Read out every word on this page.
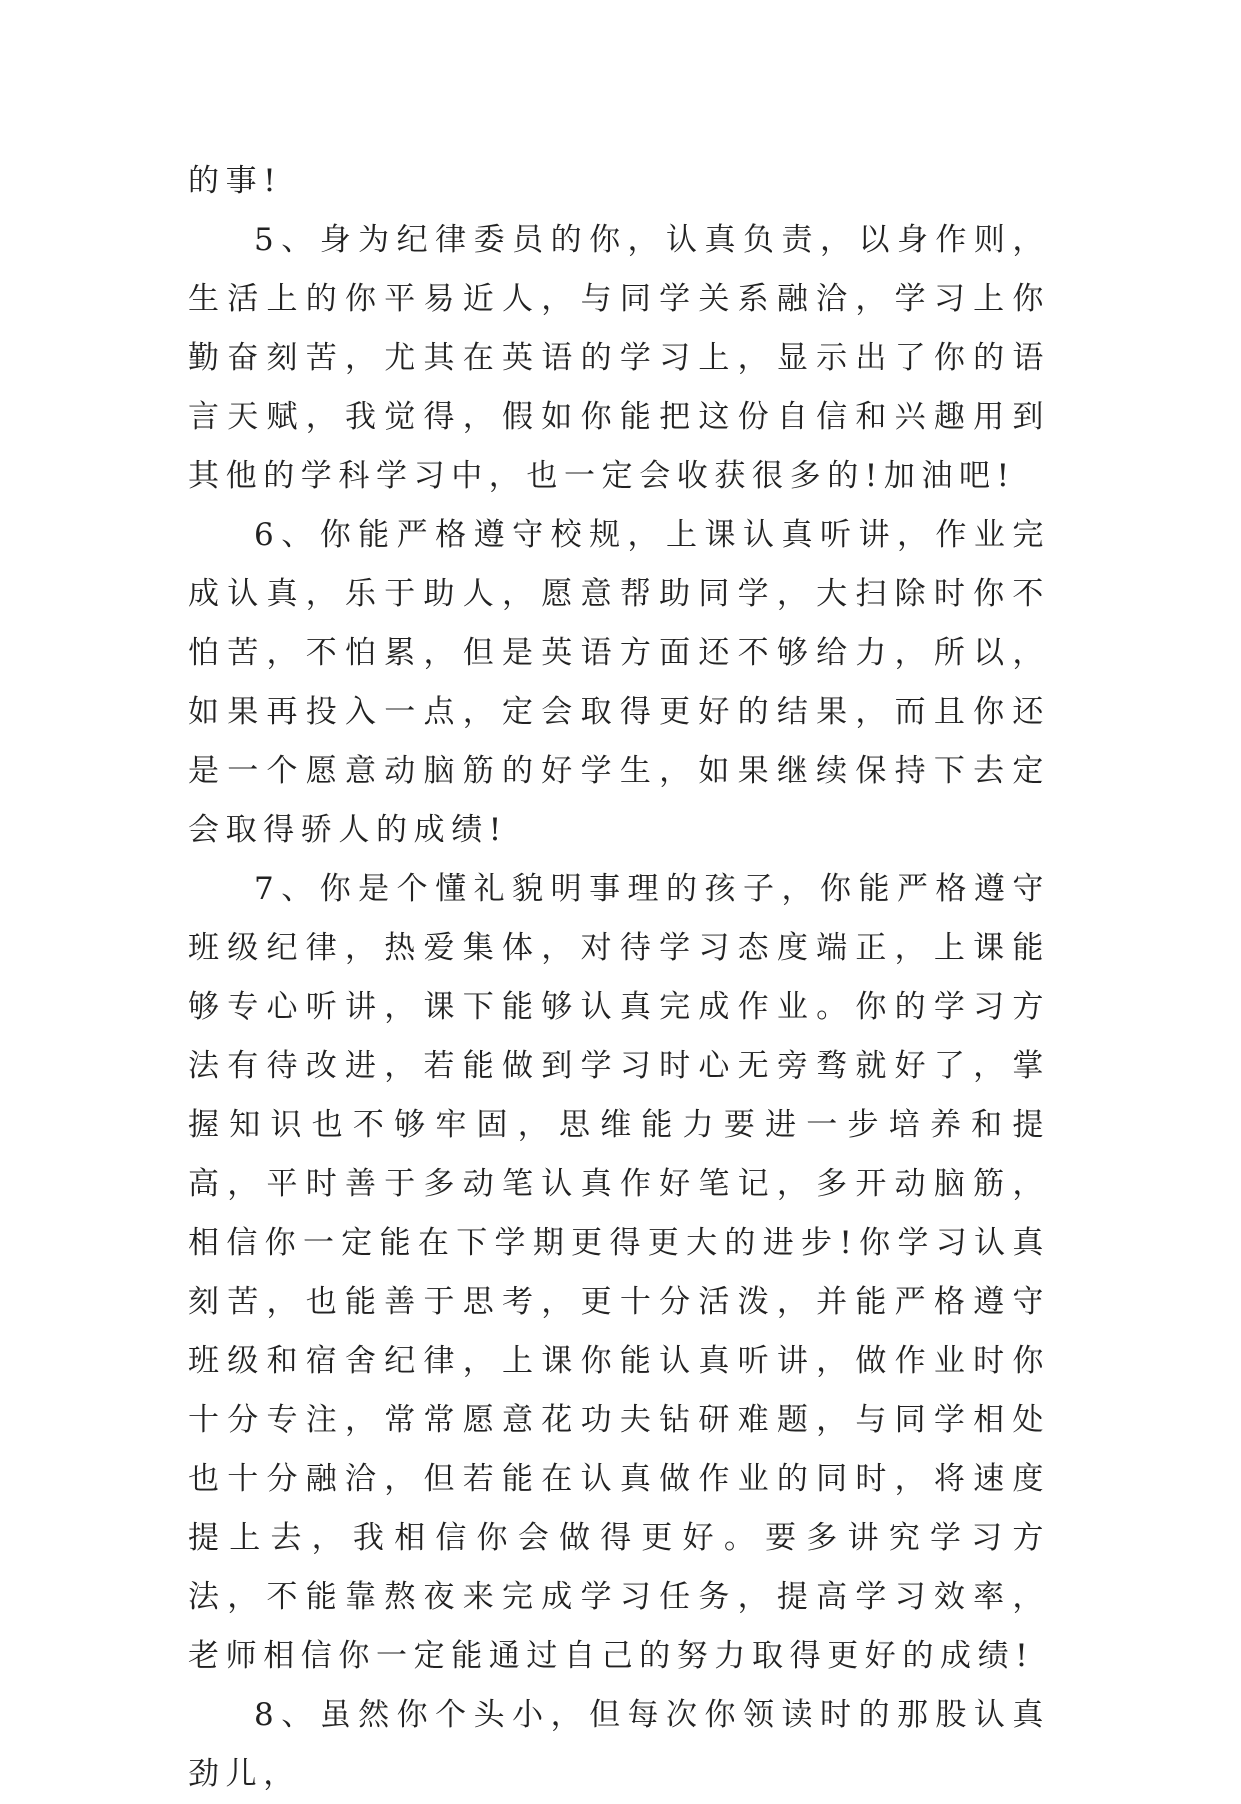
的事!

5、身为纪律委员的你，认真负责，以身作则，生活上的你平易近人，与同学关系融洽，学习上你勤奋刻苦，尤其在英语的学习上，显示出了你的语言天赋，我觉得，假如你能把这份自信和兴趣用到其他的学科学习中，也一定会收获很多的!加油吧!

6、你能严格遵守校规，上课认真听讲，作业完成认真，乐于助人，愿意帮助同学，大扫除时你不怕苦，不怕累，但是英语方面还不够给力，所以，如果再投入一点，定会取得更好的结果，而且你还是一个愿意动脑筋的好学生，如果继续保持下去定会取得骄人的成绩!

7、你是个懂礼貌明事理的孩子，你能严格遵守班级纪律，热爱集体，对待学习态度端正，上课能够专心听讲，课下能够认真完成作业。你的学习方法有待改进，若能做到学习时心无旁骛就好了，掌握知识也不够牢固，思维能力要进一步培养和提高，平时善于多动笔认真作好笔记，多开动脑筋，相信你一定能在下学期更得更大的进步!你学习认真刻苦，也能善于思考，更十分活泼，并能严格遵守班级和宿舍纪律，上课你能认真听讲，做作业时你十分专注，常常愿意花功夫钻研难题，与同学相处也十分融洽，但若能在认真做作业的同时，将速度提上去，我相信你会做得更好。要多讲究学习方法，不能靠熬夜来完成学习任务，提高学习效率，老师相信你一定能通过自己的努力取得更好的成绩!

8、虽然你个头小，但每次你领读时的那股认真劲儿，
